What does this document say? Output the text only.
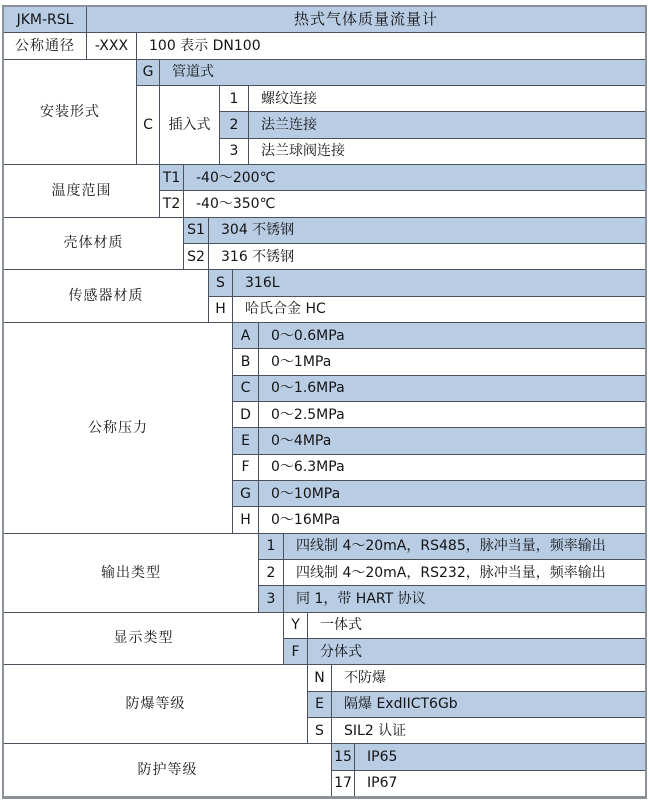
JKM-RSL	热式气体质量流量计
公称通径	-XXX	100 表示 DN100
安装形式
G	管道式
C	插入式
1	螺纹连接
2	法兰连接
3	法兰球阀连接
温度范围
T1	-40～200℃
T2	-40～350℃
壳体材质
S1	304 不锈钢
S2	316 不锈钢
传感器材质
S	316L
H	哈氏合金 HC
公称压力
A	0～0.6MPa
B	0～1MPa
C	0～1.6MPa
D	0～2.5MPa
E	0～4MPa
F	0～6.3MPa
G	0～10MPa
H	0～16MPa
输出类型
1	四线制 4～20mA，RS485，脉冲当量，频率输出
2	四线制 4～20mA，RS232，脉冲当量，频率输出
3	同 1，带 HART 协议
显示类型
Y	一体式
F	分体式
防爆等级
N	不防爆
E	隔爆 ExdIICT6Gb
S	SIL2 认证
防护等级
15	IP65
17	IP67
